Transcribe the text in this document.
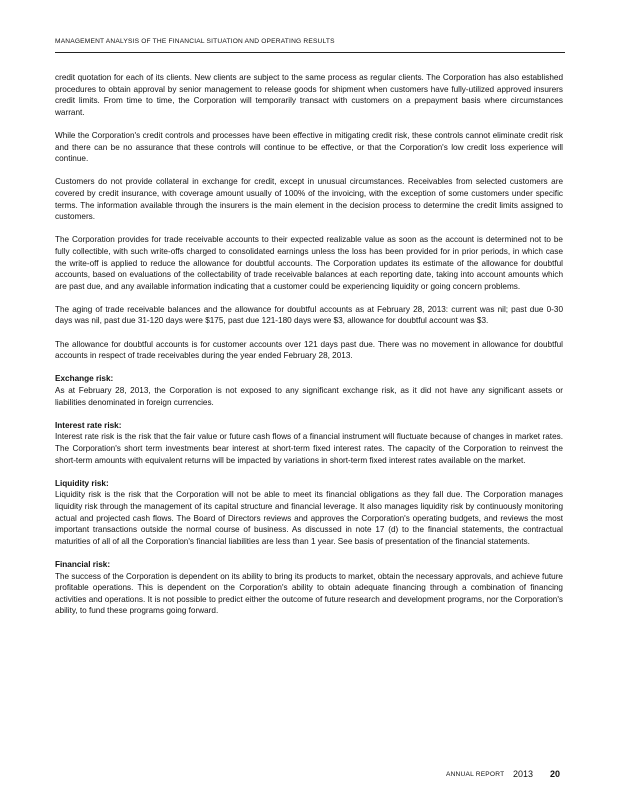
MANAGEMENT ANALYSIS OF THE FINANCIAL SITUATION AND OPERATING RESULTS

credit quotation for each of its clients. New clients are subject to the same process as regular clients. The Corporation has also established procedures to obtain approval by senior management to release goods for shipment when customers have fully-utilized approved insurers credit limits. From time to time, the Corporation will temporarily transact with customers on a prepayment basis where circumstances warrant.

While the Corporation's credit controls and processes have been effective in mitigating credit risk, these controls cannot eliminate credit risk and there can be no assurance that these controls will continue to be effective, or that the Corporation's low credit loss experience will continue.

Customers do not provide collateral in exchange for credit, except in unusual circumstances. Receivables from selected customers are covered by credit insurance, with coverage amount usually of 100% of the invoicing, with the exception of some customers under specific terms. The information available through the insurers is the main element in the decision process to determine the credit limits assigned to customers.

The Corporation provides for trade receivable accounts to their expected realizable value as soon as the account is determined not to be fully collectible, with such write-offs charged to consolidated earnings unless the loss has been provided for in prior periods, in which case the write-off is applied to reduce the allowance for doubtful accounts. The Corporation updates its estimate of the allowance for doubtful accounts, based on evaluations of the collectability of trade receivable balances at each reporting date, taking into account amounts which are past due, and any available information indicating that a customer could be experiencing liquidity or going concern problems.

The aging of trade receivable balances and the allowance for doubtful accounts as at February 28, 2013: current was nil; past due 0-30 days was nil, past due 31-120 days were $175, past due 121-180 days were $3, allowance for doubtful account was $3.

The allowance for doubtful accounts is for customer accounts over 121 days past due. There was no movement in allowance for doubtful accounts in respect of trade receivables during the year ended February 28, 2013.

Exchange risk:

As at February 28, 2013, the Corporation is not exposed to any significant exchange risk, as it did not have any significant assets or liabilities denominated in foreign currencies.

Interest rate risk:

Interest rate risk is the risk that the fair value or future cash flows of a financial instrument will fluctuate because of changes in market rates. The Corporation's short term investments bear interest at short-term fixed interest rates. The capacity of the Corporation to reinvest the short-term amounts with equivalent returns will be impacted by variations in short-term fixed interest rates available on the market.

Liquidity risk:

Liquidity risk is the risk that the Corporation will not be able to meet its financial obligations as they fall due. The Corporation manages liquidity risk through the management of its capital structure and financial leverage. It also manages liquidity risk by continuously monitoring actual and projected cash flows. The Board of Directors reviews and approves the Corporation's operating budgets, and reviews the most important transactions outside the normal course of business. As discussed in note 17 (d) to the financial statements, the contractual maturities of all of all the Corporation's financial liabilities are less than 1 year. See basis of presentation of the financial statements.

Financial risk:

The success of the Corporation is dependent on its ability to bring its products to market, obtain the necessary approvals, and achieve future profitable operations. This is dependent on the Corporation's ability to obtain adequate financing through a combination of financing activities and operations. It is not possible to predict either the outcome of future research and development programs, nor the Corporation's ability, to fund these programs going forward.

ANNUAL REPORT 2013 20
